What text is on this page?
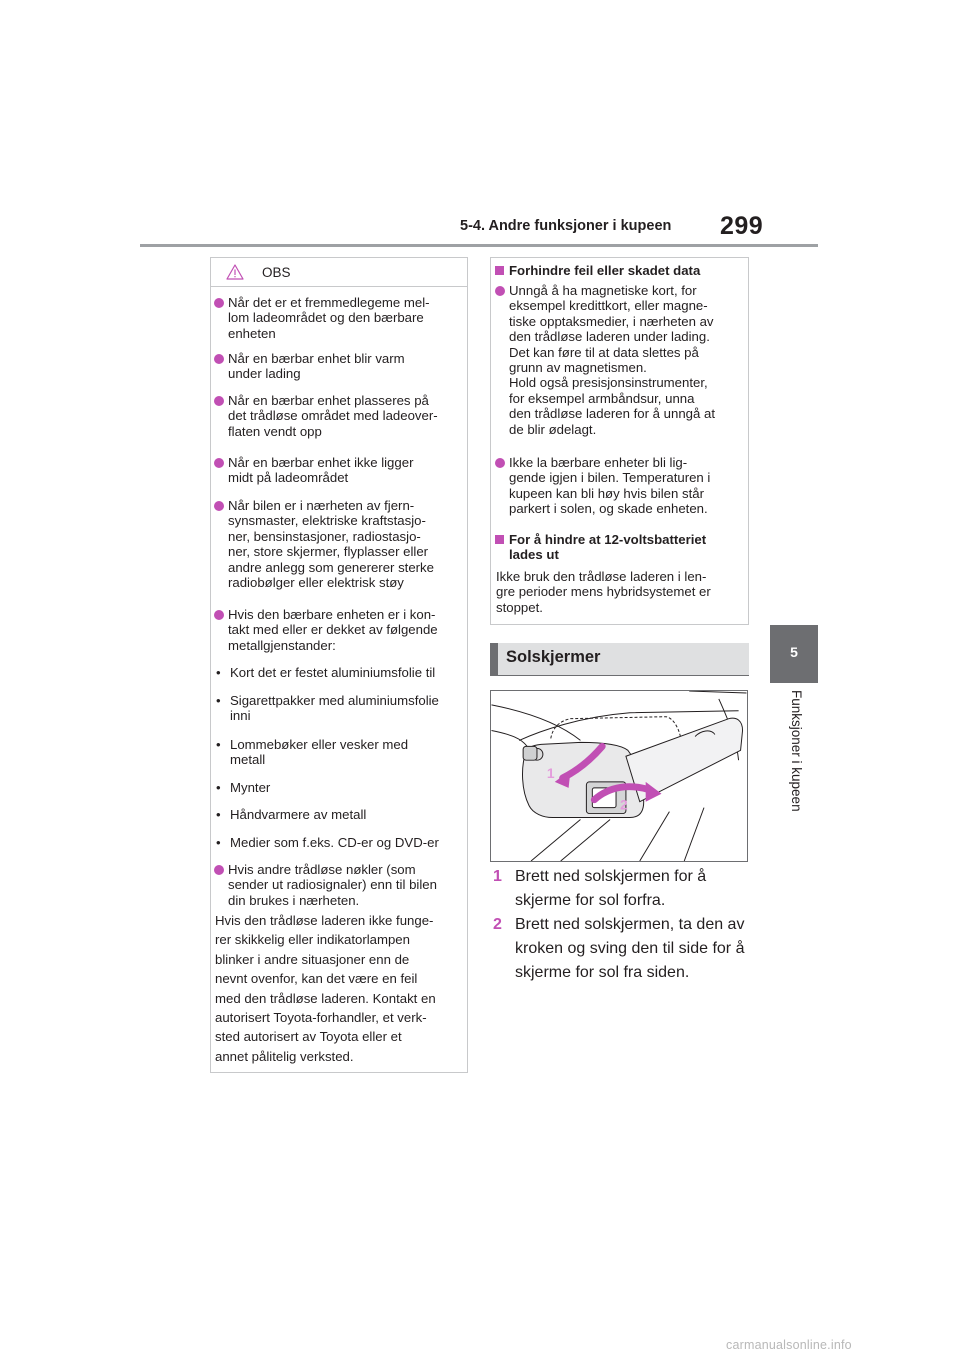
5-4. Andre funksjoner i kupeen	299
5
Funksjoner i kupeen
OBS
Når det er et fremmedlegeme mel-
lom ladeområdet og den bærbare
enheten
Når en bærbar enhet blir varm
under lading
Når en bærbar enhet plasseres på
det trådløse området med ladeover-
flaten vendt opp
Når en bærbar enhet ikke ligger
midt på ladeområdet
Når bilen er i nærheten av fjern-
synsmaster, elektriske kraftstasjo-
ner, bensinstasjoner, radiostasjo-
ner, store skjermer, flyplasser eller
andre anlegg som genererer sterke
radiobølger eller elektrisk støy
Hvis den bærbare enheten er i kon-
takt med eller er dekket av følgende
metallgjenstander:
• Kort det er festet aluminiumsfolie til
• Sigarettpakker med aluminiumsfolie
inni
• Lommebøker eller vesker med
metall
• Mynter
• Håndvarmere av metall
• Medier som f.eks. CD-er og DVD-er
Hvis andre trådløse nøkler (som
sender ut radiosignaler) enn til bilen
din brukes i nærheten.
Hvis den trådløse laderen ikke funge-
rer skikkelig eller indikatorlampen
blinker i andre situasjoner enn de
nevnt ovenfor, kan det være en feil
med den trådløse laderen. Kontakt en
autorisert Toyota-forhandler, et verk-
sted autorisert av Toyota eller et
annet pålitelig verksted.
Forhindre feil eller skadet data
Unngå å ha magnetiske kort, for
eksempel kredittkort, eller magne-
tiske opptaksmedier, i nærheten av
den trådløse laderen under lading.
Det kan føre til at data slettes på
grunn av magnetismen.
Hold også presisjonsinstrumenter,
for eksempel armbåndsur, unna
den trådløse laderen for å unngå at
de blir ødelagt.
Ikke la bærbare enheter bli lig-
gende igjen i bilen. Temperaturen i
kupeen kan bli høy hvis bilen står
parkert i solen, og skade enheten.
For å hindre at 12-voltsbatteriet
lades ut
Ikke bruk den trådløse laderen i len-
gre perioder mens hybridsystemet er
stoppet.
Solskjermer
1
2
1 Brett ned solskjermen for å
skjerme for sol forfra.
2 Brett ned solskjermen, ta den av
kroken og sving den til side for å
skjerme for sol fra siden.
carmanualsonline.info
